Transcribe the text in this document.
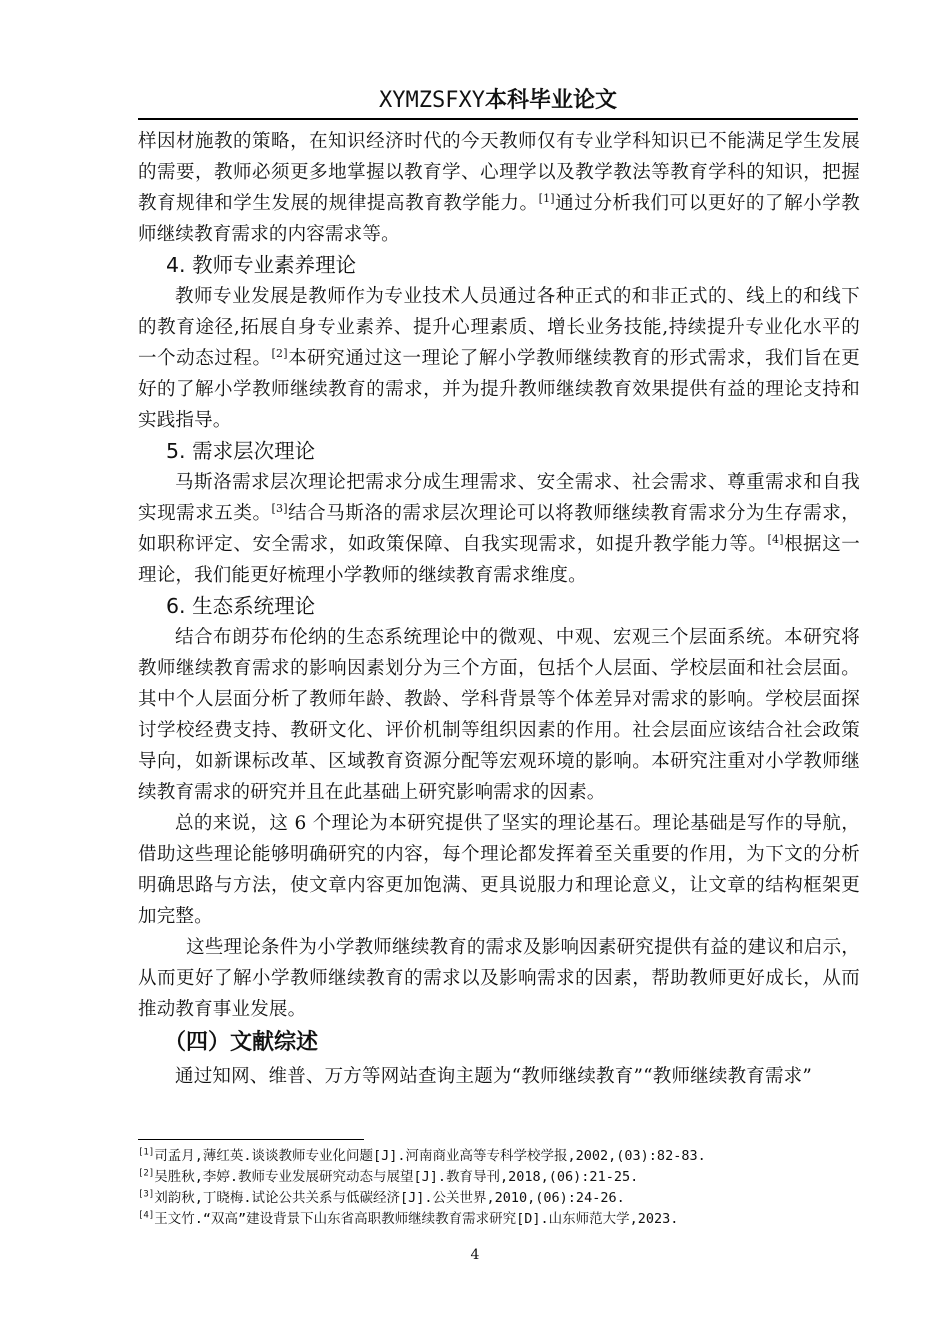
XYMZSFXY本科毕业论文

样因材施教的策略，在知识经济时代的今天教师仅有专业学科知识已不能满足学生发展的需要，教师必须更多地掌握以教育学、心理学以及教学教法等教育学科的知识，把握教育规律和学生发展的规律提高教育教学能力。[1]通过分析我们可以更好的了解小学教师继续教育需求的内容需求等。

4. 教师专业素养理论

教师专业发展是教师作为专业技术人员通过各种正式的和非正式的、线上的和线下的教育途径,拓展自身专业素养、提升心理素质、增长业务技能,持续提升专业化水平的一个动态过程。[2]本研究通过这一理论了解小学教师继续教育的形式需求，我们旨在更好的了解小学教师继续教育的需求，并为提升教师继续教育效果提供有益的理论支持和实践指导。

5. 需求层次理论

马斯洛需求层次理论把需求分成生理需求、安全需求、社会需求、尊重需求和自我实现需求五类。[3]结合马斯洛的需求层次理论可以将教师继续教育需求分为生存需求，如职称评定、安全需求，如政策保障、自我实现需求，如提升教学能力等。[4]根据这一理论，我们能更好梳理小学教师的继续教育需求维度。

6. 生态系统理论

结合布朗芬布伦纳的生态系统理论中的微观、中观、宏观三个层面系统。本研究将教师继续教育需求的影响因素划分为三个方面，包括个人层面、学校层面和社会层面。其中个人层面分析了教师年龄、教龄、学科背景等个体差异对需求的影响。学校层面探讨学校经费支持、教研文化、评价机制等组织因素的作用。社会层面应该结合社会政策导向，如新课标改革、区域教育资源分配等宏观环境的影响。本研究注重对小学教师继续教育需求的研究并且在此基础上研究影响需求的因素。

总的来说，这 6 个理论为本研究提供了坚实的理论基石。理论基础是写作的导航，借助这些理论能够明确研究的内容，每个理论都发挥着至关重要的作用，为下文的分析明确思路与方法，使文章内容更加饱满、更具说服力和理论意义，让文章的结构框架更加完整。

这些理论条件为小学教师继续教育的需求及影响因素研究提供有益的建议和启示，从而更好了解小学教师继续教育的需求以及影响需求的因素，帮助教师更好成长，从而推动教育事业发展。

（四）文献综述

通过知网、维普、万方等网站查询主题为“教师继续教育”“教师继续教育需求”

[1]司孟月,薄红英.谈谈教师专业化问题[J].河南商业高等专科学校学报,2002,(03):82-83.
[2]吴胜秋,李婷.教师专业发展研究动态与展望[J].教育导刊,2018,(06):21-25.
[3]刘韵秋,丁晓梅.试论公共关系与低碳经济[J].公关世界,2010,(06):24-26.
[4]王文竹.“双高”建设背景下山东省高职教师继续教育需求研究[D].山东师范大学,2023.
4
